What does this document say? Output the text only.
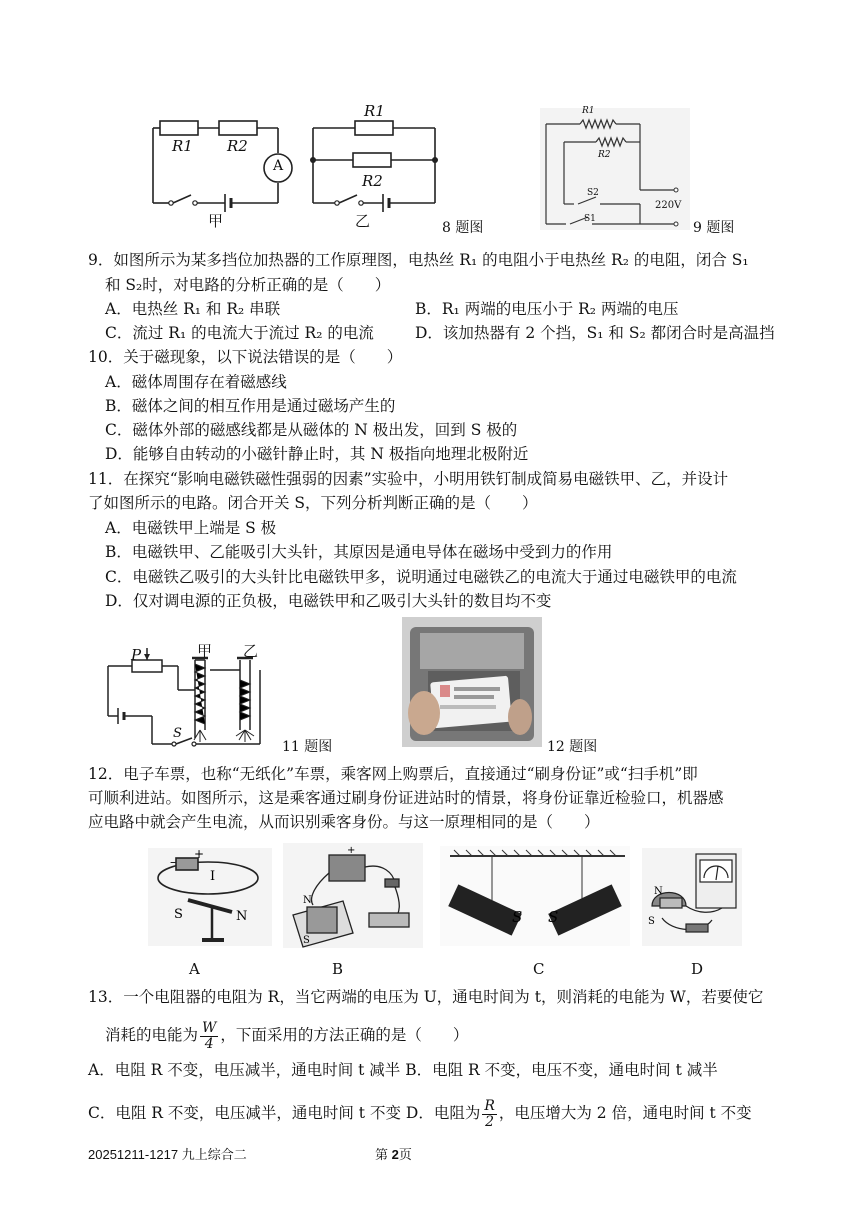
R1 R2
A
甲
R1
R2
乙	8 题图
R1
R2
S2
S1
220V
9 题图
9．如图所示为某多挡位加热器的工作原理图，电热丝 R₁ 的电阻小于电热丝 R₂ 的电阻，闭合 S₁
和 S₂时，对电路的分析正确的是（　　）
A．电热丝 R₁ 和 R₂ 串联	B．R₁ 两端的电压小于 R₂ 两端的电压
C．流过 R₁ 的电流大于流过 R₂ 的电流	D．该加热器有 2 个挡，S₁ 和 S₂ 都闭合时是高温挡
10．关于磁现象，以下说法错误的是（　　）
A．磁体周围存在着磁感线
B．磁体之间的相互作用是通过磁场产生的
C．磁体外部的磁感线都是从磁体的 N 极出发，回到 S 极的
D．能够自由转动的小磁针静止时，其 N 极指向地理北极附近
11．在探究“影响电磁铁磁性强弱的因素”实验中，小明用铁钉制成简易电磁铁甲、乙，并设计
了如图所示的电路。闭合开关 S，下列分析判断正确的是（　　）
A．电磁铁甲上端是 S 极
B．电磁铁甲、乙能吸引大头针，其原因是通电导体在磁场中受到力的作用
C．电磁铁乙吸引的大头针比电磁铁甲多，说明通过电磁铁乙的电流大于通过电磁铁甲的电流
D．仅对调电源的正负极，电磁铁甲和乙吸引大头针的数目均不变
P	甲 乙
S
11 题图	12 题图
12．电子车票，也称“无纸化”车票，乘客网上购票后，直接通过“刷身份证”或“扫手机”即
可顺利进站。如图所示，这是乘客通过刷身份证进站时的情景，将身份证靠近检验口，机器感
应电路中就会产生电流，从而识别乘客身份。与这一原理相同的是（　　）
–
+
I
S	N
N
S
+
S S
N
S
A	B	C	D
13．一个电阻器的电阻为 R，当它两端的电压为 U，通电时间为 t，则消耗的电能为 W，若要使它
消耗的电能为 $\frac{W}{4}$ ，下面采用的方法正确的是（　　）
A．电阻 R 不变，电压减半，通电时间 t 减半 B．电阻 R 不变，电压不变，通电时间 t 减半
C．电阻 R 不变，电压减半，通电时间 t 不变 D．电阻为 $\frac{R}{2}$ ，电压增大为 2 倍，通电时间 t 不变
20251211-1217 九上综合二	第 2页
